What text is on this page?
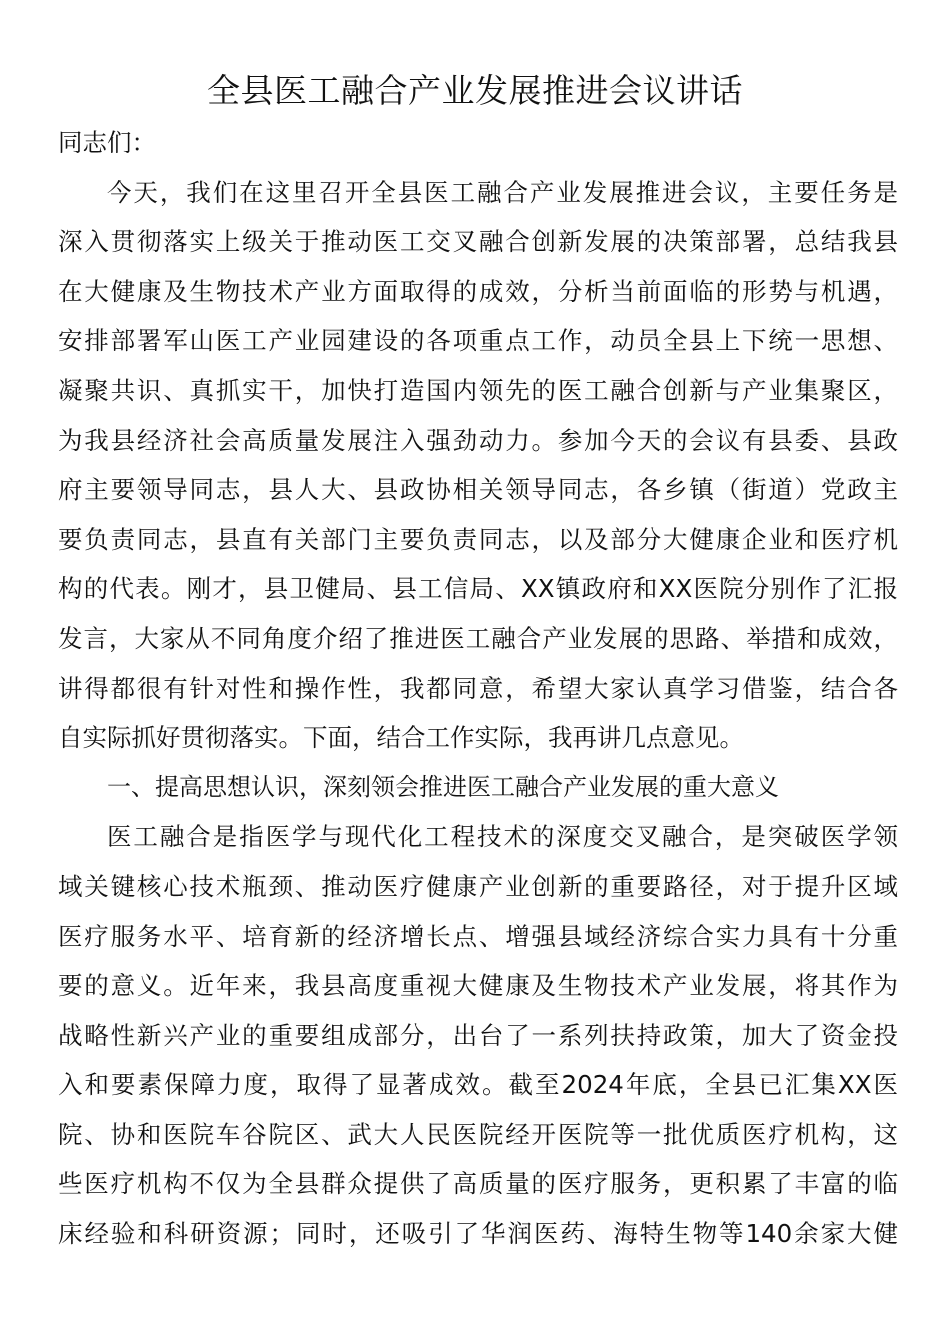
全县医工融合产业发展推进会议讲话
同志们：
今天，我们在这里召开全县医工融合产业发展推进会议，主要任务是
深入贯彻落实上级关于推动医工交叉融合创新发展的决策部署，总结我县
在大健康及生物技术产业方面取得的成效，分析当前面临的形势与机遇，
安排部署军山医工产业园建设的各项重点工作，动员全县上下统一思想、
凝聚共识、真抓实干，加快打造国内领先的医工融合创新与产业集聚区，
为我县经济社会高质量发展注入强劲动力。参加今天的会议有县委、县政
府主要领导同志，县人大、县政协相关领导同志，各乡镇（街道）党政主
要负责同志，县直有关部门主要负责同志，以及部分大健康企业和医疗机
构的代表。刚才，县卫健局、县工信局、XX镇政府和XX医院分别作了汇报
发言，大家从不同角度介绍了推进医工融合产业发展的思路、举措和成效，
讲得都很有针对性和操作性，我都同意，希望大家认真学习借鉴，结合各
自实际抓好贯彻落实。下面，结合工作实际，我再讲几点意见。
一、提高思想认识，深刻领会推进医工融合产业发展的重大意义
医工融合是指医学与现代化工程技术的深度交叉融合，是突破医学领
域关键核心技术瓶颈、推动医疗健康产业创新的重要路径，对于提升区域
医疗服务水平、培育新的经济增长点、增强县域经济综合实力具有十分重
要的意义。近年来，我县高度重视大健康及生物技术产业发展，将其作为
战略性新兴产业的重要组成部分，出台了一系列扶持政策，加大了资金投
入和要素保障力度，取得了显著成效。截至2024年底，全县已汇集XX医
院、协和医院车谷院区、武大人民医院经开医院等一批优质医疗机构，这
些医疗机构不仅为全县群众提供了高质量的医疗服务，更积累了丰富的临
床经验和科研资源；同时，还吸引了华润医药、海特生物等140余家大健
